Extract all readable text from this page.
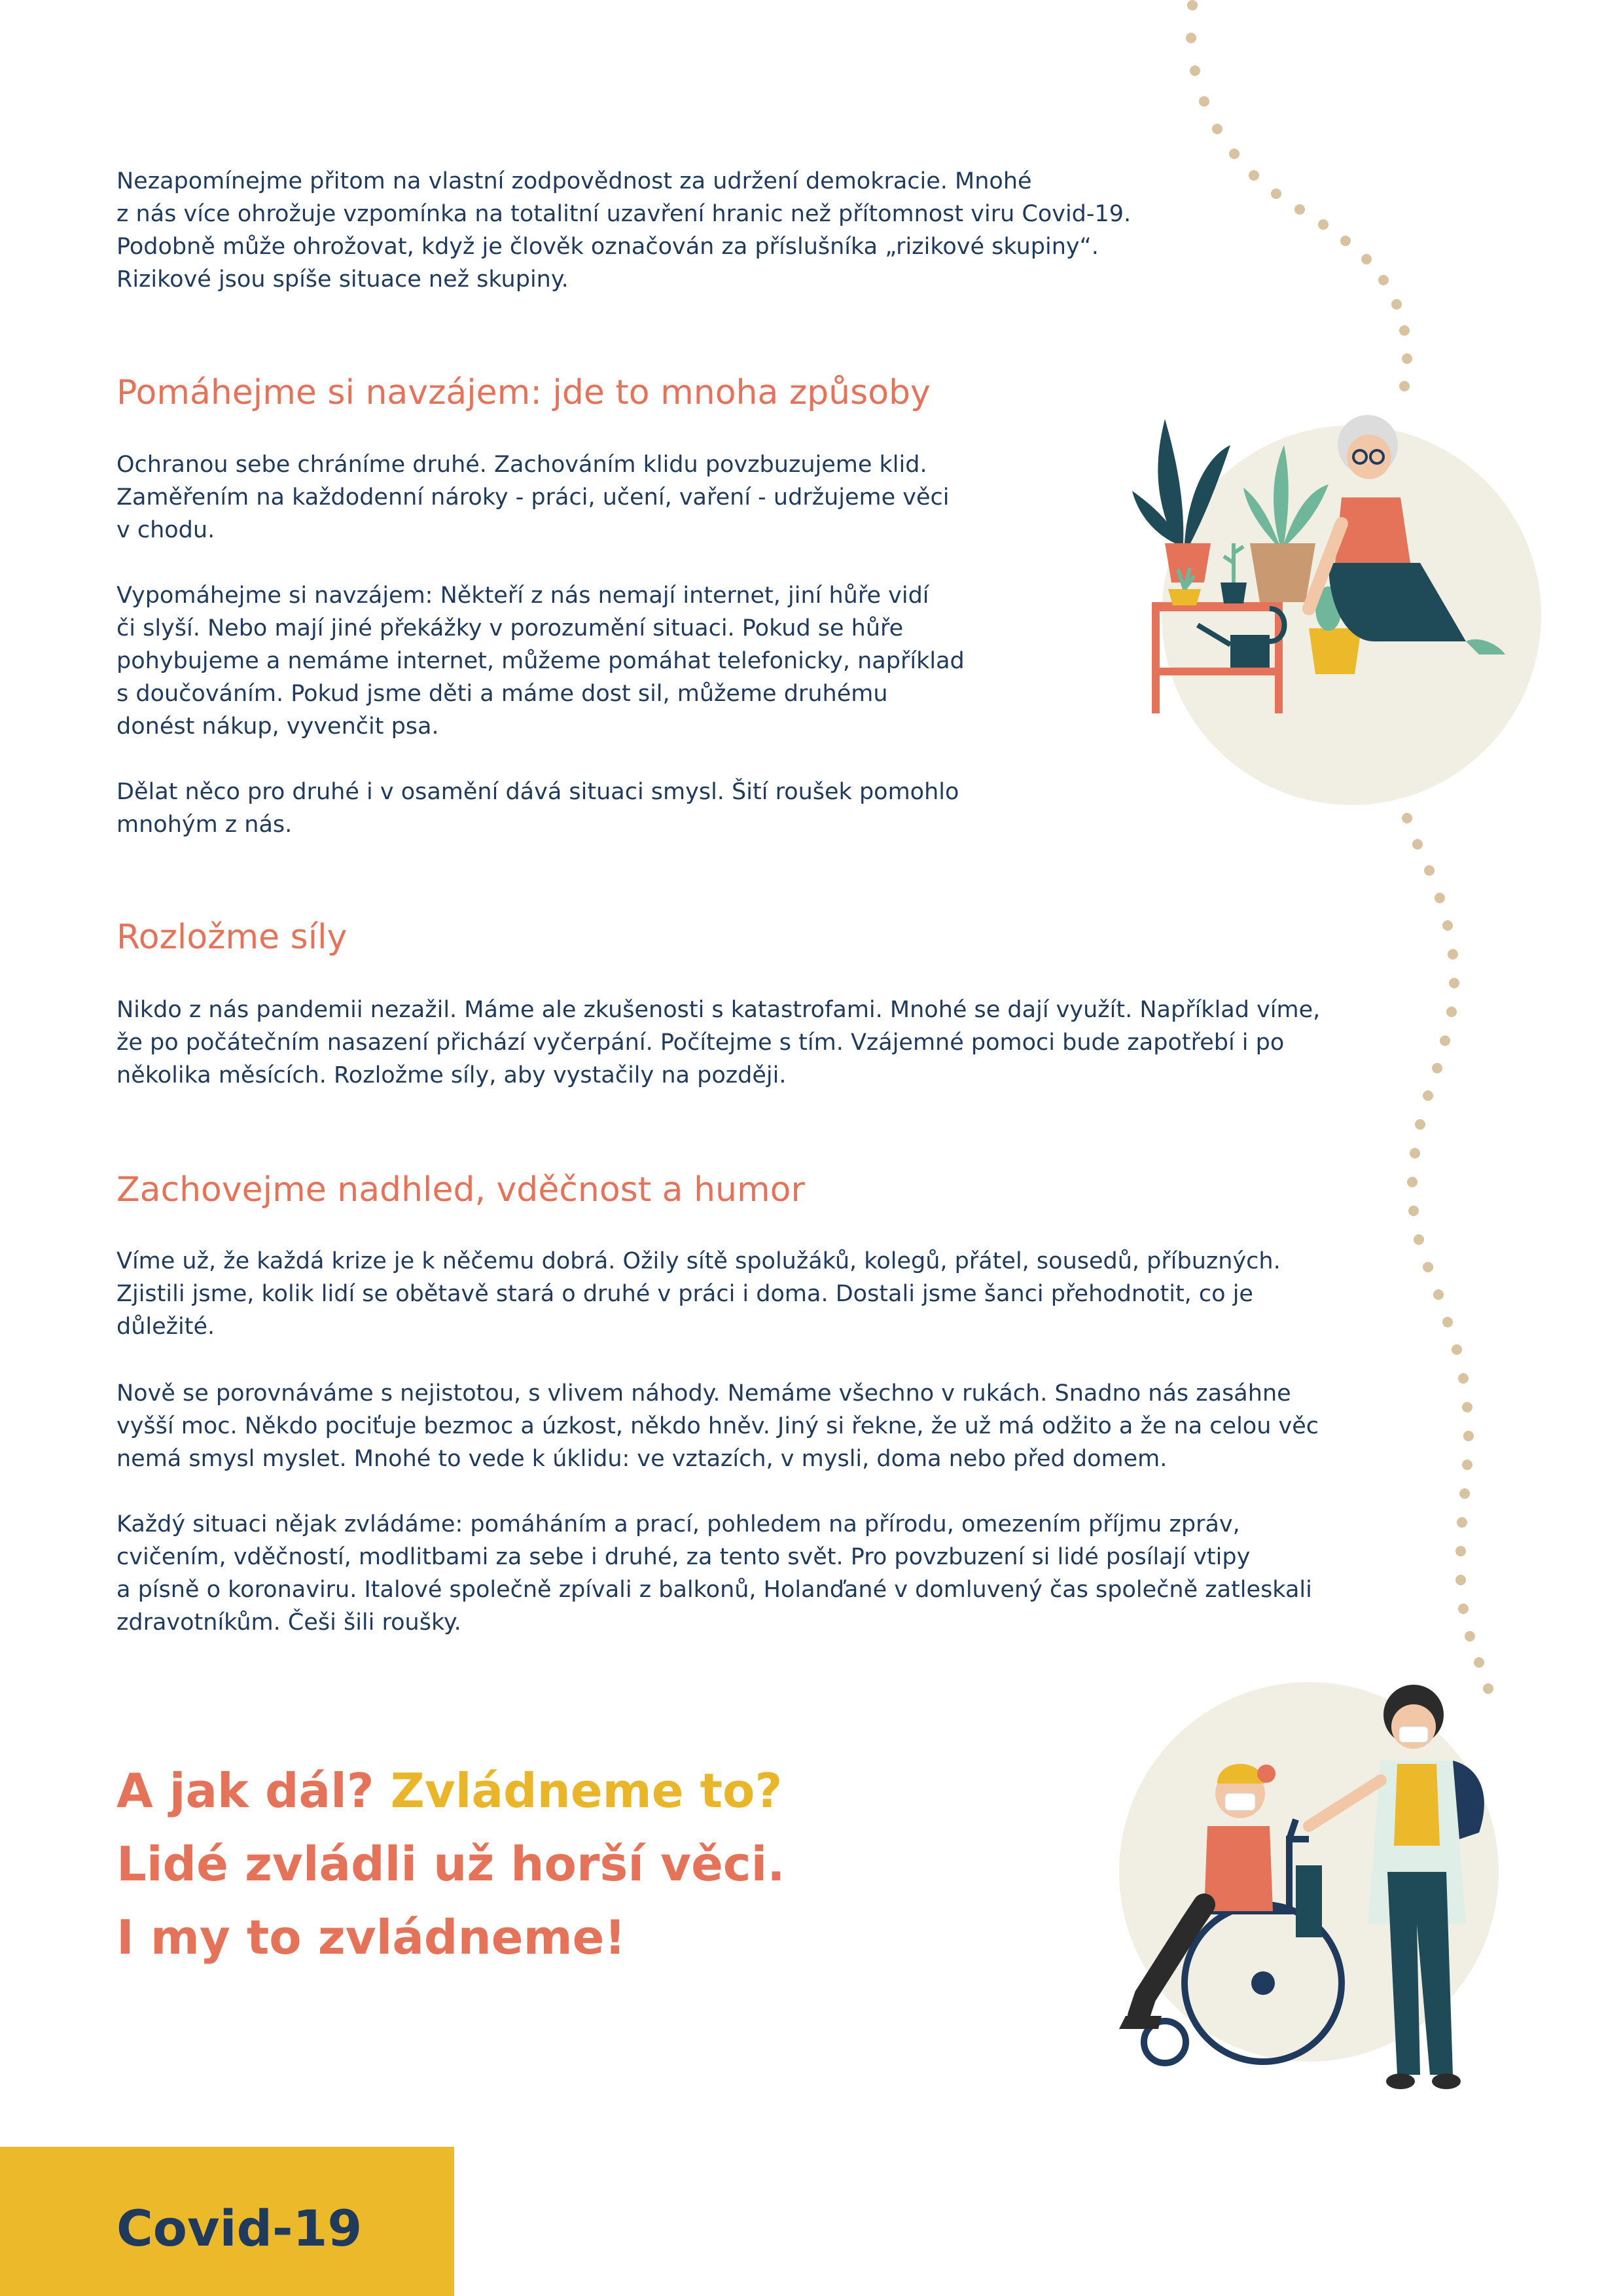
Nezapomínejme přitom na vlastní zodpovědnost za udržení demokracie. Mnohé
z nás více ohrožuje vzpomínka na totalitní uzavření hranic než přítomnost viru Covid-19.
Podobně může ohrožovat, když je člověk označován za příslušníka „rizikové skupiny“.
Rizikové jsou spíše situace než skupiny.

Pomáhejme si navzájem: jde to mnoha způsoby

Ochranou sebe chráníme druhé. Zachováním klidu povzbuzujeme klid.
Zaměřením na každodenní nároky - práci, učení, vaření - udržujeme věci
v chodu.

Vypomáhejme si navzájem: Někteří z nás nemají internet, jiní hůře vidí
či slyší. Nebo mají jiné překážky v porozumění situaci. Pokud se hůře
pohybujeme a nemáme internet, můžeme pomáhat telefonicky, například
s doučováním. Pokud jsme děti a máme dost sil, můžeme druhému
donést nákup, vyvenčit psa.

Dělat něco pro druhé i v osamění dává situaci smysl. Šití roušek pomohlo
mnohým z nás.

Rozložme síly

Nikdo z nás pandemii nezažil. Máme ale zkušenosti s katastrofami. Mnohé se dají využít. Například víme,
že po počátečním nasazení přichází vyčerpání. Počítejme s tím. Vzájemné pomoci bude zapotřebí i po
několika měsících. Rozložme síly, aby vystačily na později.

Zachovejme nadhled, vděčnost a humor

Víme už, že každá krize je k něčemu dobrá. Ožily sítě spolužáků, kolegů, přátel, sousedů, příbuzných.
Zjistili jsme, kolik lidí se obětavě stará o druhé v práci i doma. Dostali jsme šanci přehodnotit, co je
důležité.

Nově se porovnáváme s nejistotou, s vlivem náhody. Nemáme všechno v rukách. Snadno nás zasáhne
vyšší moc. Někdo pociťuje bezmoc a úzkost, někdo hněv. Jiný si řekne, že už má odžito a že na celou věc
nemá smysl myslet. Mnohé to vede k úklidu: ve vztazích, v mysli, doma nebo před domem.

Každý situaci nějak zvládáme: pomáháním a prací, pohledem na přírodu, omezením příjmu zpráv,
cvičením, vděčností, modlitbami za sebe i druhé, za tento svět. Pro povzbuzení si lidé posílají vtipy
a písně o koronaviru. Italové společně zpívali z balkonů, Holanďané v domluvený čas společně zatleskali
zdravotníkům. Češi šili roušky.

A jak dál? Zvládneme to?
Lidé zvládli už horší věci.
I my to zvládneme!

Covid-19
